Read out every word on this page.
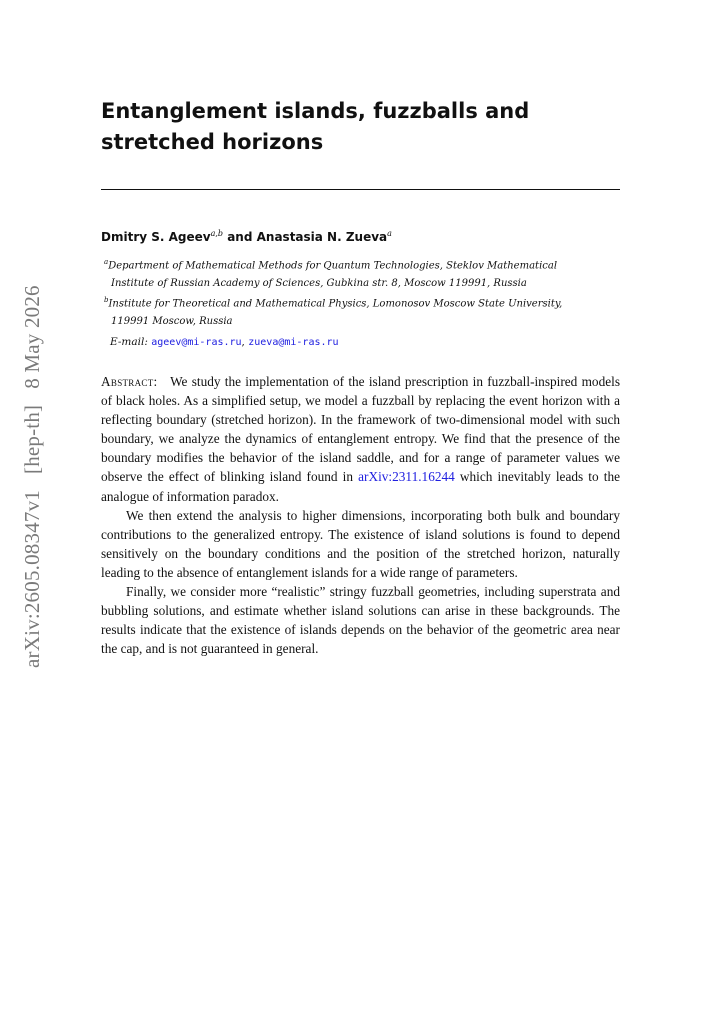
arXiv:2605.08347v1[hep-th]8 May 2026
Entanglement islands, fuzzballs and stretched horizons
Dmitry S. Ageev$^{a,b}$ and Anastasia N. Zueva$^a$
$^a$Department of Mathematical Methods for Quantum Technologies, Steklov Mathematical
Institute of Russian Academy of Sciences, Gubkina str. 8, Moscow 119991, Russia
$^b$Institute for Theoretical and Mathematical Physics, Lomonosov Moscow State University,
119991 Moscow, Russia
E-mail: ageev@mi-ras.ru, zueva@mi-ras.ru

Abstract: We study the implementation of the island prescription in fuzzball-inspired models of black holes. As a simplified setup, we model a fuzzball by replacing the event horizon with a reflecting boundary (stretched horizon). In the framework of two-dimensional model with such boundary, we analyze the dynamics of entanglement entropy. We find that the presence of the boundary modifies the behavior of the island saddle, and for a range of parameter values we observe the effect of blinking island found in arXiv:2311.16244 which inevitably leads to the analogue of information paradox.

We then extend the analysis to higher dimensions, incorporating both bulk and boundary contributions to the generalized entropy. The existence of island solutions is found to depend sensitively on the boundary conditions and the position of the stretched horizon, naturally leading to the absence of entanglement islands for a wide range of parameters.

Finally, we consider more “realistic” stringy fuzzball geometries, including superstrata and bubbling solutions, and estimate whether island solutions can arise in these backgrounds. The results indicate that the existence of islands depends on the behavior of the geometric area near the cap, and is not guaranteed in general.
